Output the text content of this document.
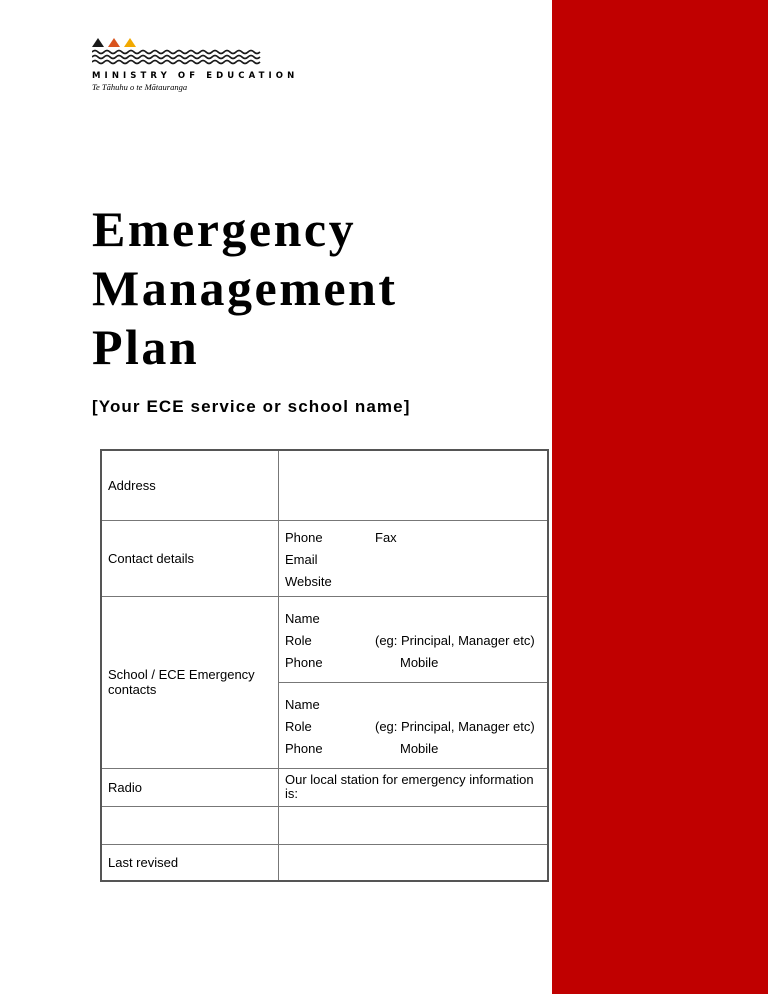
MINISTRY OF EDUCATION
Te Tāhuhu o te Mātauranga
Emergency
Management
Plan
[Your ECE service or school name]
Address	
Contact details	Phone Fax
Email
Website

School / ECE Emergency contacts	Name
Role (eg: Principal, Manager etc)
Phone Mobile

	Name
Role (eg: Principal, Manager etc)
Phone Mobile

Radio	Our local station for emergency information is:

Last revised	
